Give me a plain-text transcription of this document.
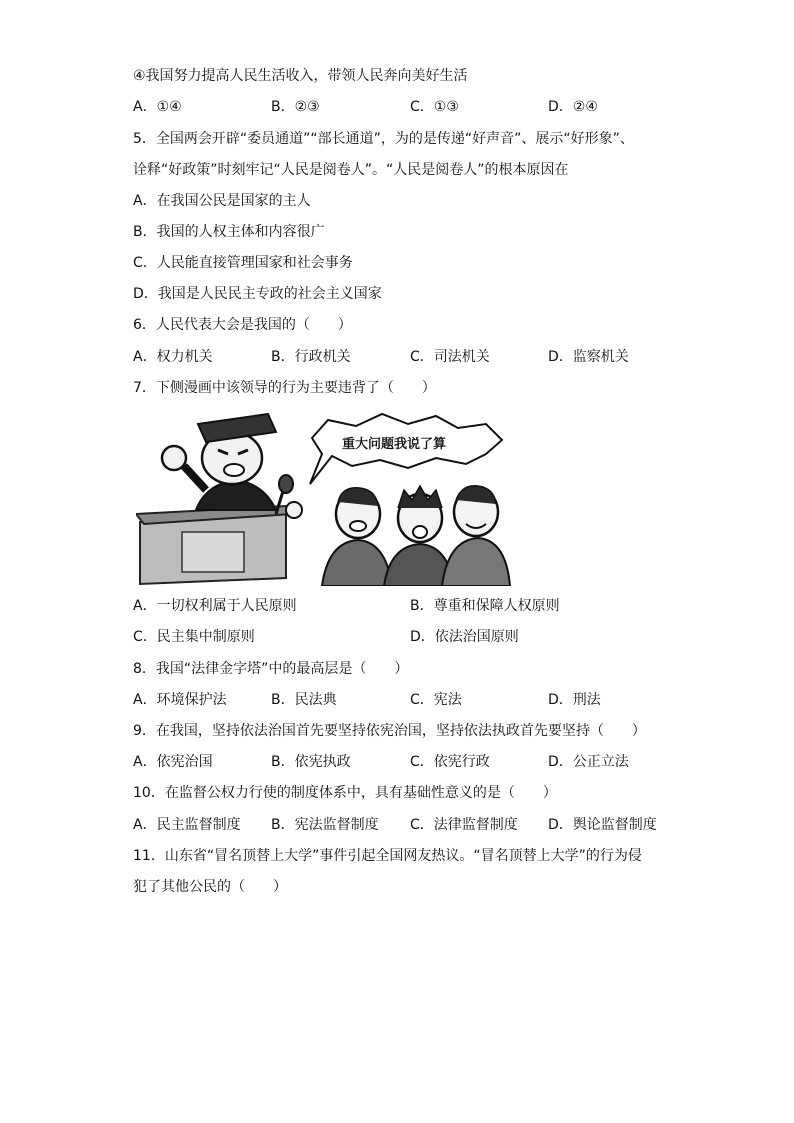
④我国努力提高人民生活收入，带领人民奔向美好生活
A．①④	B．②③	C．①③	D．②④
5．全国两会开辟“委员通道”“部长通道”，为的是传递“好声音”、展示“好形象”、
诠释“好政策”时刻牢记“人民是阅卷人”。“人民是阅卷人”的根本原因在
A．在我国公民是国家的主人
B．我国的人权主体和内容很广
C．人民能直接管理国家和社会事务
D．我国是人民民主专政的社会主义国家
6．人民代表大会是我国的（　　）
A．权力机关	B．行政机关	C．司法机关	D．监察机关
7．下侧漫画中该领导的行为主要违背了（　　）
重大问题我说了算
A．一切权利属于人民原则	B．尊重和保障人权原则
C．民主集中制原则	D．依法治国原则
8．我国“法律金字塔”中的最高层是（　　）
A．环境保护法	B．民法典	C．宪法	D．刑法
9．在我国，坚持依法治国首先要坚持依宪治国，坚持依法执政首先要坚持（　　）
A．依宪治国	B．依宪执政	C．依宪行政	D．公正立法
10．在监督公权力行使的制度体系中，具有基础性意义的是（　　）
A．民主监督制度 B．宪法监督制度 C．法律监督制度 D．舆论监督制度
11．山东省“冒名顶替上大学”事件引起全国网友热议。“冒名顶替上大学”的行为侵
犯了其他公民的（　　）
